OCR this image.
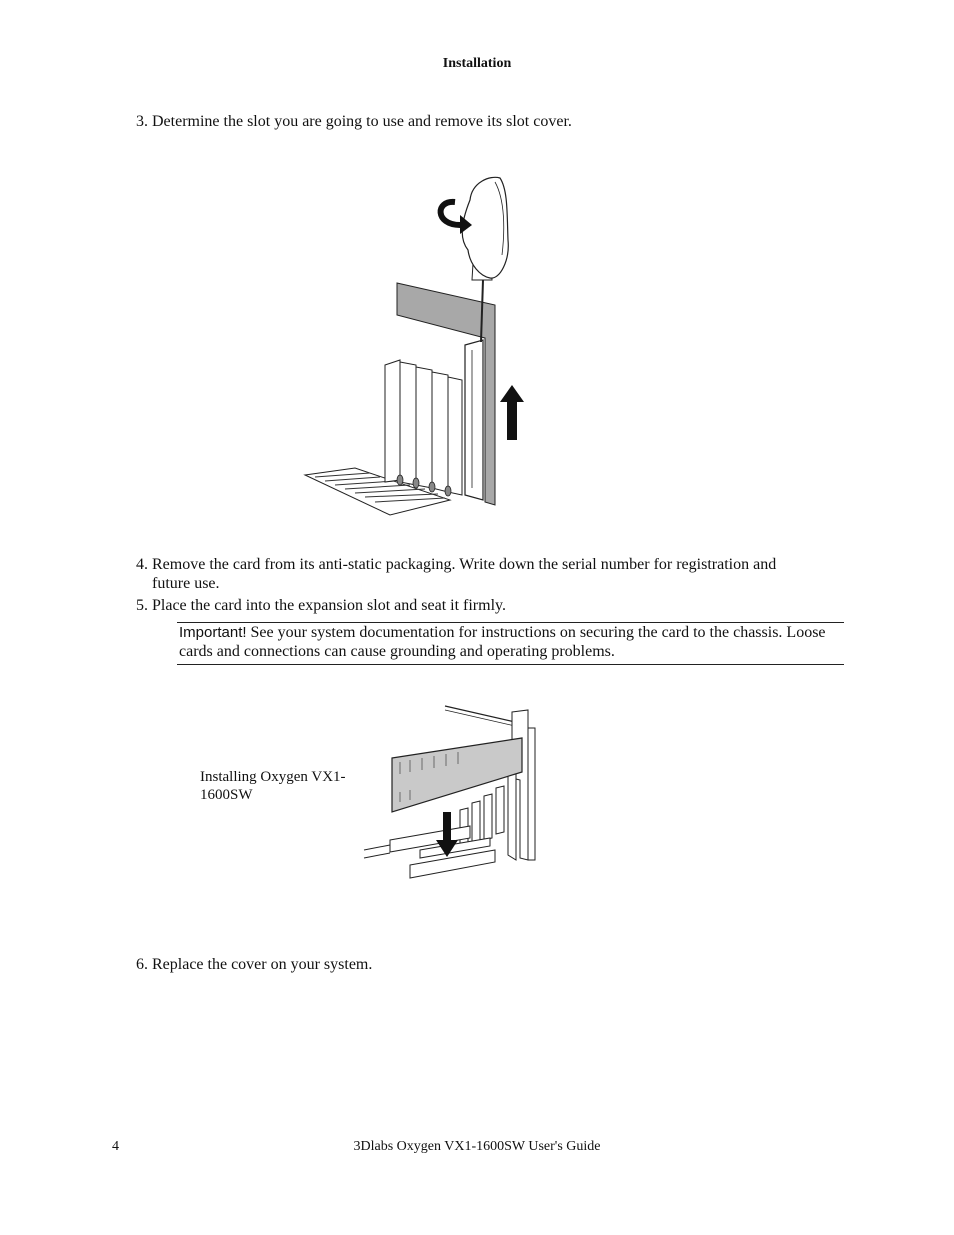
Installation
3. Determine the slot you are going to use and remove its slot cover.
4. Remove the card from its anti-static packaging. Write down the serial number for registration and future use.
5. Place the card into the expansion slot and seat it firmly.
Important! See your system documentation for instructions on securing the card to the chassis. Loose cards and connections can cause grounding and operating problems.
Installing Oxygen VX1-1600SW
6. Replace the cover on your system.
4	3Dlabs Oxygen VX1-1600SW User's Guide
